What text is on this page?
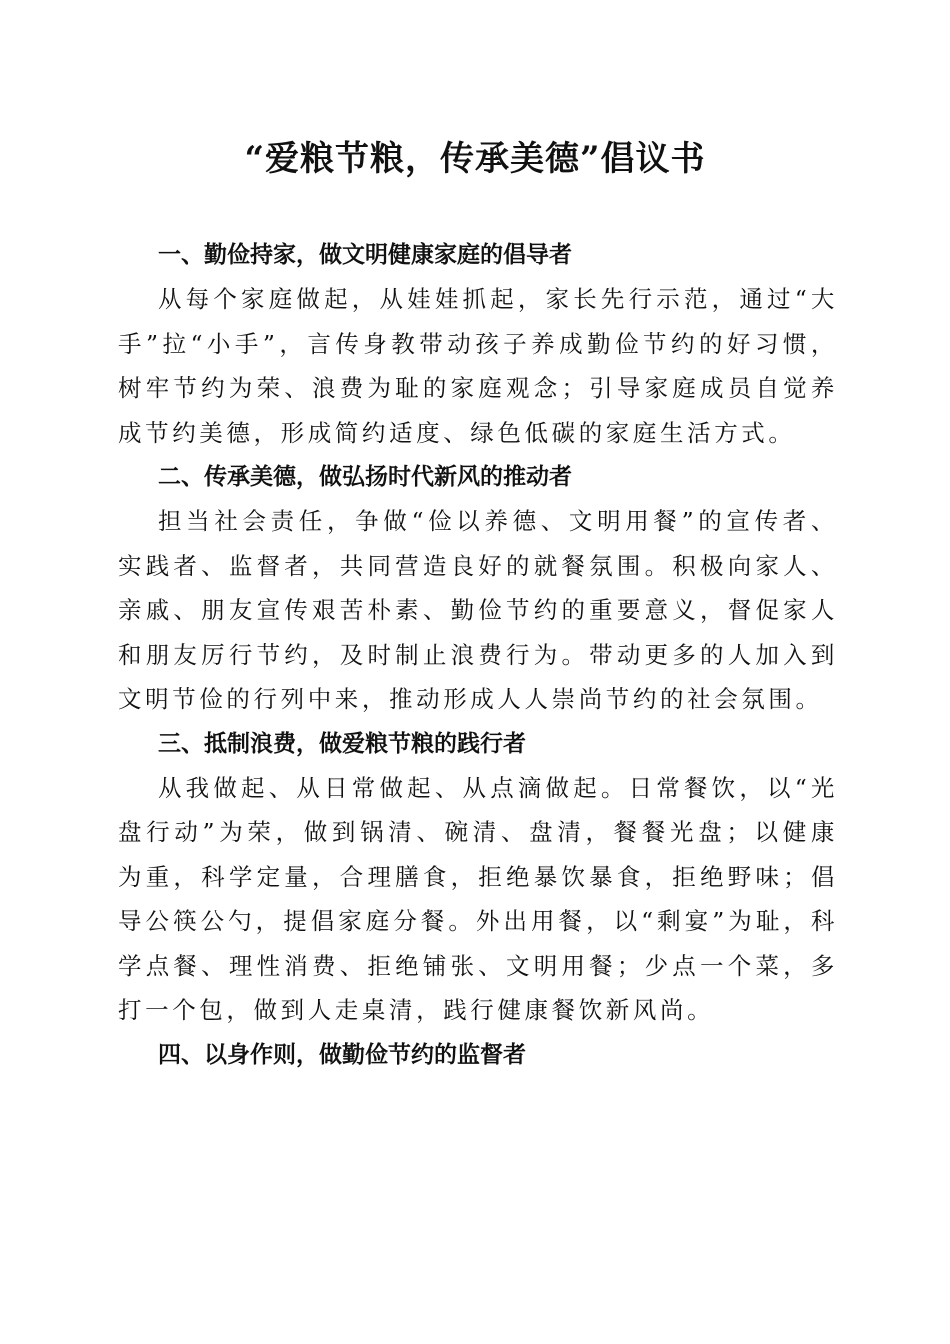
“爱粮节粮，传承美德”倡议书

一、勤俭持家，做文明健康家庭的倡导者

从每个家庭做起，从娃娃抓起，家长先行示范，通过“大手”拉“小手”，言传身教带动孩子养成勤俭节约的好习惯，树牢节约为荣、浪费为耻的家庭观念；引导家庭成员自觉养成节约美德，形成简约适度、绿色低碳的家庭生活方式。

二、传承美德，做弘扬时代新风的推动者

担当社会责任，争做“俭以养德、文明用餐”的宣传者、实践者、监督者，共同营造良好的就餐氛围。积极向家人、亲戚、朋友宣传艰苦朴素、勤俭节约的重要意义，督促家人和朋友厉行节约，及时制止浪费行为。带动更多的人加入到文明节俭的行列中来，推动形成人人崇尚节约的社会氛围。

三、抵制浪费，做爱粮节粮的践行者

从我做起、从日常做起、从点滴做起。日常餐饮，以“光盘行动”为荣，做到锅清、碗清、盘清，餐餐光盘；以健康为重，科学定量，合理膳食，拒绝暴饮暴食，拒绝野味；倡导公筷公勺，提倡家庭分餐。外出用餐，以“剩宴”为耻，科学点餐、理性消费、拒绝铺张、文明用餐；少点一个菜，多打一个包，做到人走桌清，践行健康餐饮新风尚。

四、以身作则，做勤俭节约的监督者
